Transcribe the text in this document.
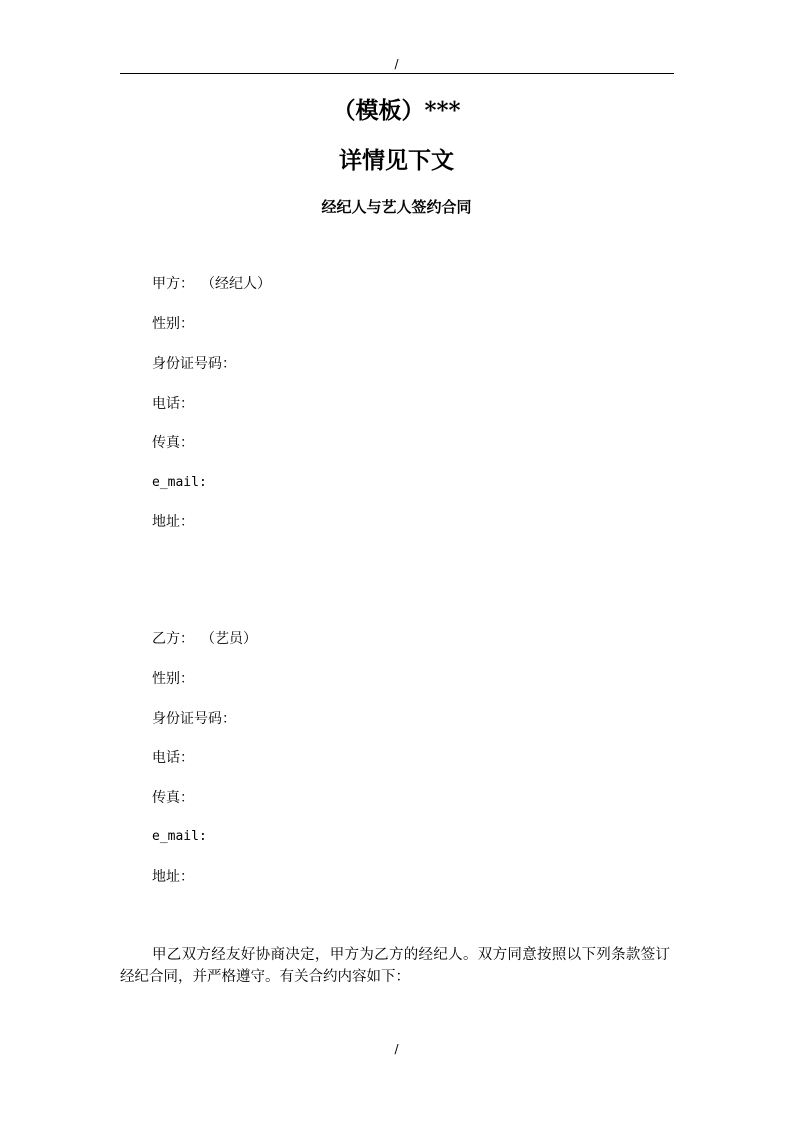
/
（模板）***
详情见下文
经纪人与艺人签约合同
甲方： （经纪人）
性别：
身份证号码：
电话：
传真：
e_mail:
地址：
乙方： （艺员）
性别：
身份证号码：
电话：
传真：
e_mail:
地址：
甲乙双方经友好协商决定，甲方为乙方的经纪人。双方同意按照以下列条款签订经纪合同，并严格遵守。有关合约内容如下：
/
